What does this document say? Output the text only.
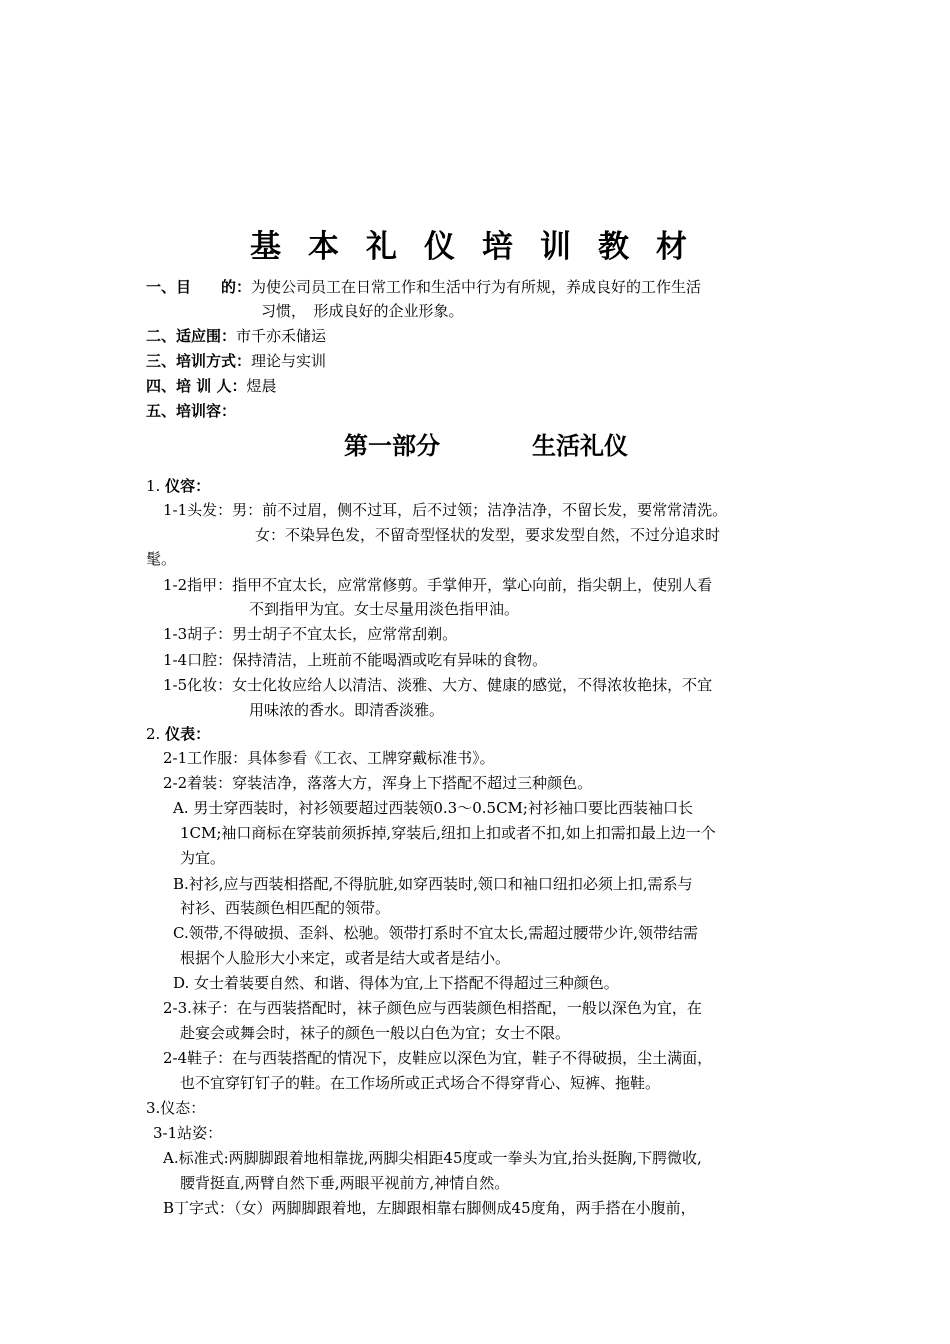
基本礼仪培训教材
一、目　　的：为使公司员工在日常工作和生活中行为有所规，养成良好的工作生活
习惯，　形成良好的企业形象。
二、适应围：市千亦禾储运
三、培训方式：理论与实训
四、培 训 人：煜晨
五、培训容：
第一部分	生活礼仪
1. 仪容：
1-1头发：男：前不过眉，侧不过耳，后不过领；洁净洁净，不留长发，要常常清洗。
女：不染异色发，不留奇型怪状的发型，要求发型自然，不过分追求时
髦。
1-2指甲：指甲不宜太长，应常常修剪。手掌伸开，掌心向前，指尖朝上，使别人看
不到指甲为宜。女士尽量用淡色指甲油。
1-3胡子：男士胡子不宜太长，应常常刮剃。
1-4口腔：保持清洁，上班前不能喝酒或吃有异味的食物。
1-5化妆：女士化妆应给人以清洁、淡雅、大方、健康的感觉，不得浓妆艳抹，不宜
用味浓的香水。即清香淡雅。
2. 仪表：
2-1工作服：具体参看《工衣、工牌穿戴标准书》。
2-2着装：穿装洁净，落落大方，浑身上下搭配不超过三种颜色。
A. 男士穿西装时，衬衫领要超过西装领0.3～0.5CM;衬衫袖口要比西装袖口长
1CM;袖口商标在穿装前须拆掉,穿装后,纽扣上扣或者不扣,如上扣需扣最上边一个
为宜。
B.衬衫,应与西装相搭配,不得肮脏,如穿西装时,领口和袖口纽扣必须上扣,需系与
衬衫、西装颜色相匹配的领带。
C.领带,不得破损、歪斜、松驰。领带打系时不宜太长,需超过腰带少许,领带结需
根据个人脸形大小来定，或者是结大或者是结小。
D. 女士着装要自然、和谐、得体为宜,上下搭配不得超过三种颜色。
2-3.袜子：在与西装搭配时，袜子颜色应与西装颜色相搭配，一般以深色为宜，在
赴宴会或舞会时，袜子的颜色一般以白色为宜；女士不限。
2-4鞋子：在与西装搭配的情况下，皮鞋应以深色为宜，鞋子不得破损，尘土满面，
也不宜穿钉钉子的鞋。在工作场所或正式场合不得穿背心、短裤、拖鞋。
3.仪态：
3-1站姿：
A.标准式:两脚脚跟着地相靠拢,两脚尖相距45度或一拳头为宜,抬头挺胸,下腭微收,
腰背挺直,两臂自然下垂,两眼平视前方,神情自然。
B丁字式：（女）两脚脚跟着地，左脚跟相靠右脚侧成45度角，两手搭在小腹前，
